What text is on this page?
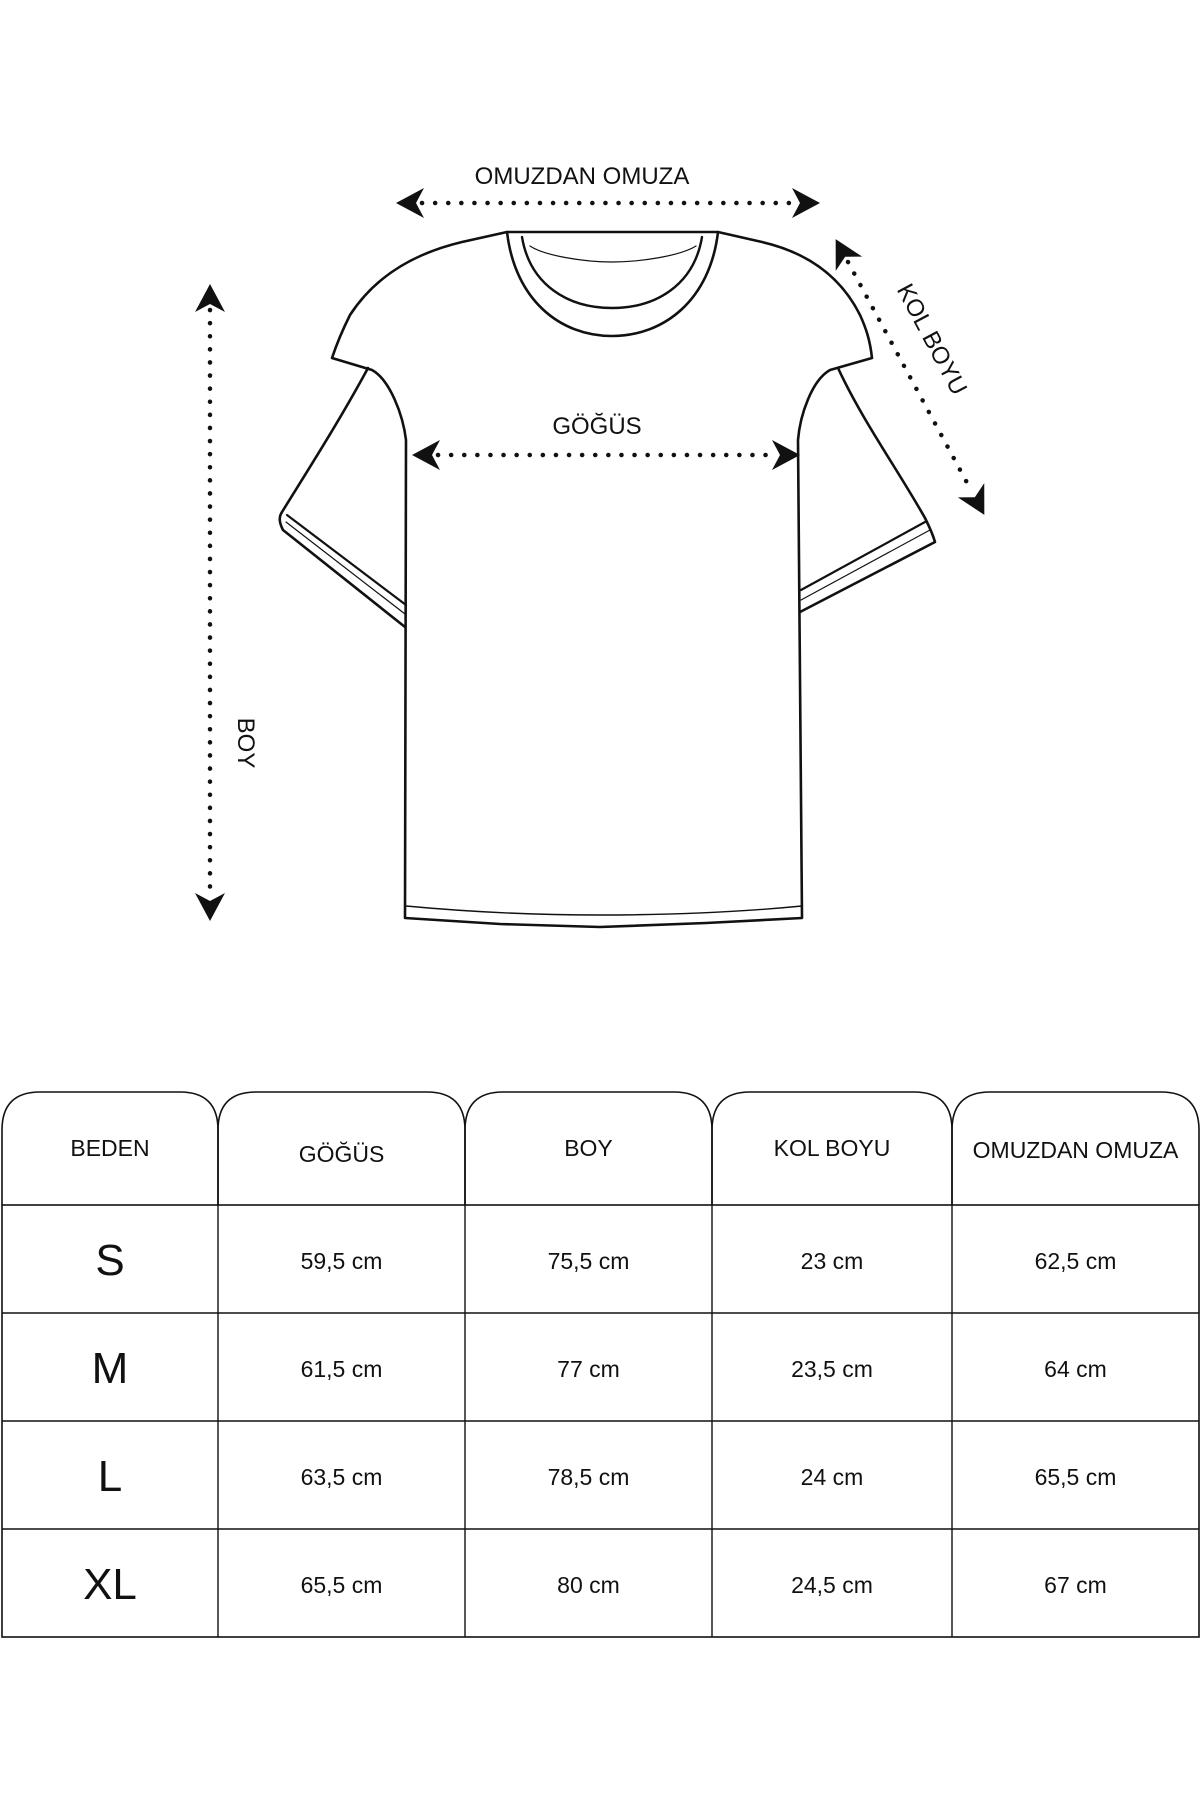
OMUZDAN OMUZA
GÖĞÜS
BOY
KOL BOYU
BEDEN	GÖĞÜS	BOY	KOL BOYU	OMUZDAN OMUZA
S	59,5 cm	75,5 cm	23 cm	62,5 cm
M	61,5 cm	77 cm	23,5 cm	64 cm
L	63,5 cm	78,5 cm	24 cm	65,5 cm
XL	65,5 cm	80 cm	24,5 cm	67 cm
